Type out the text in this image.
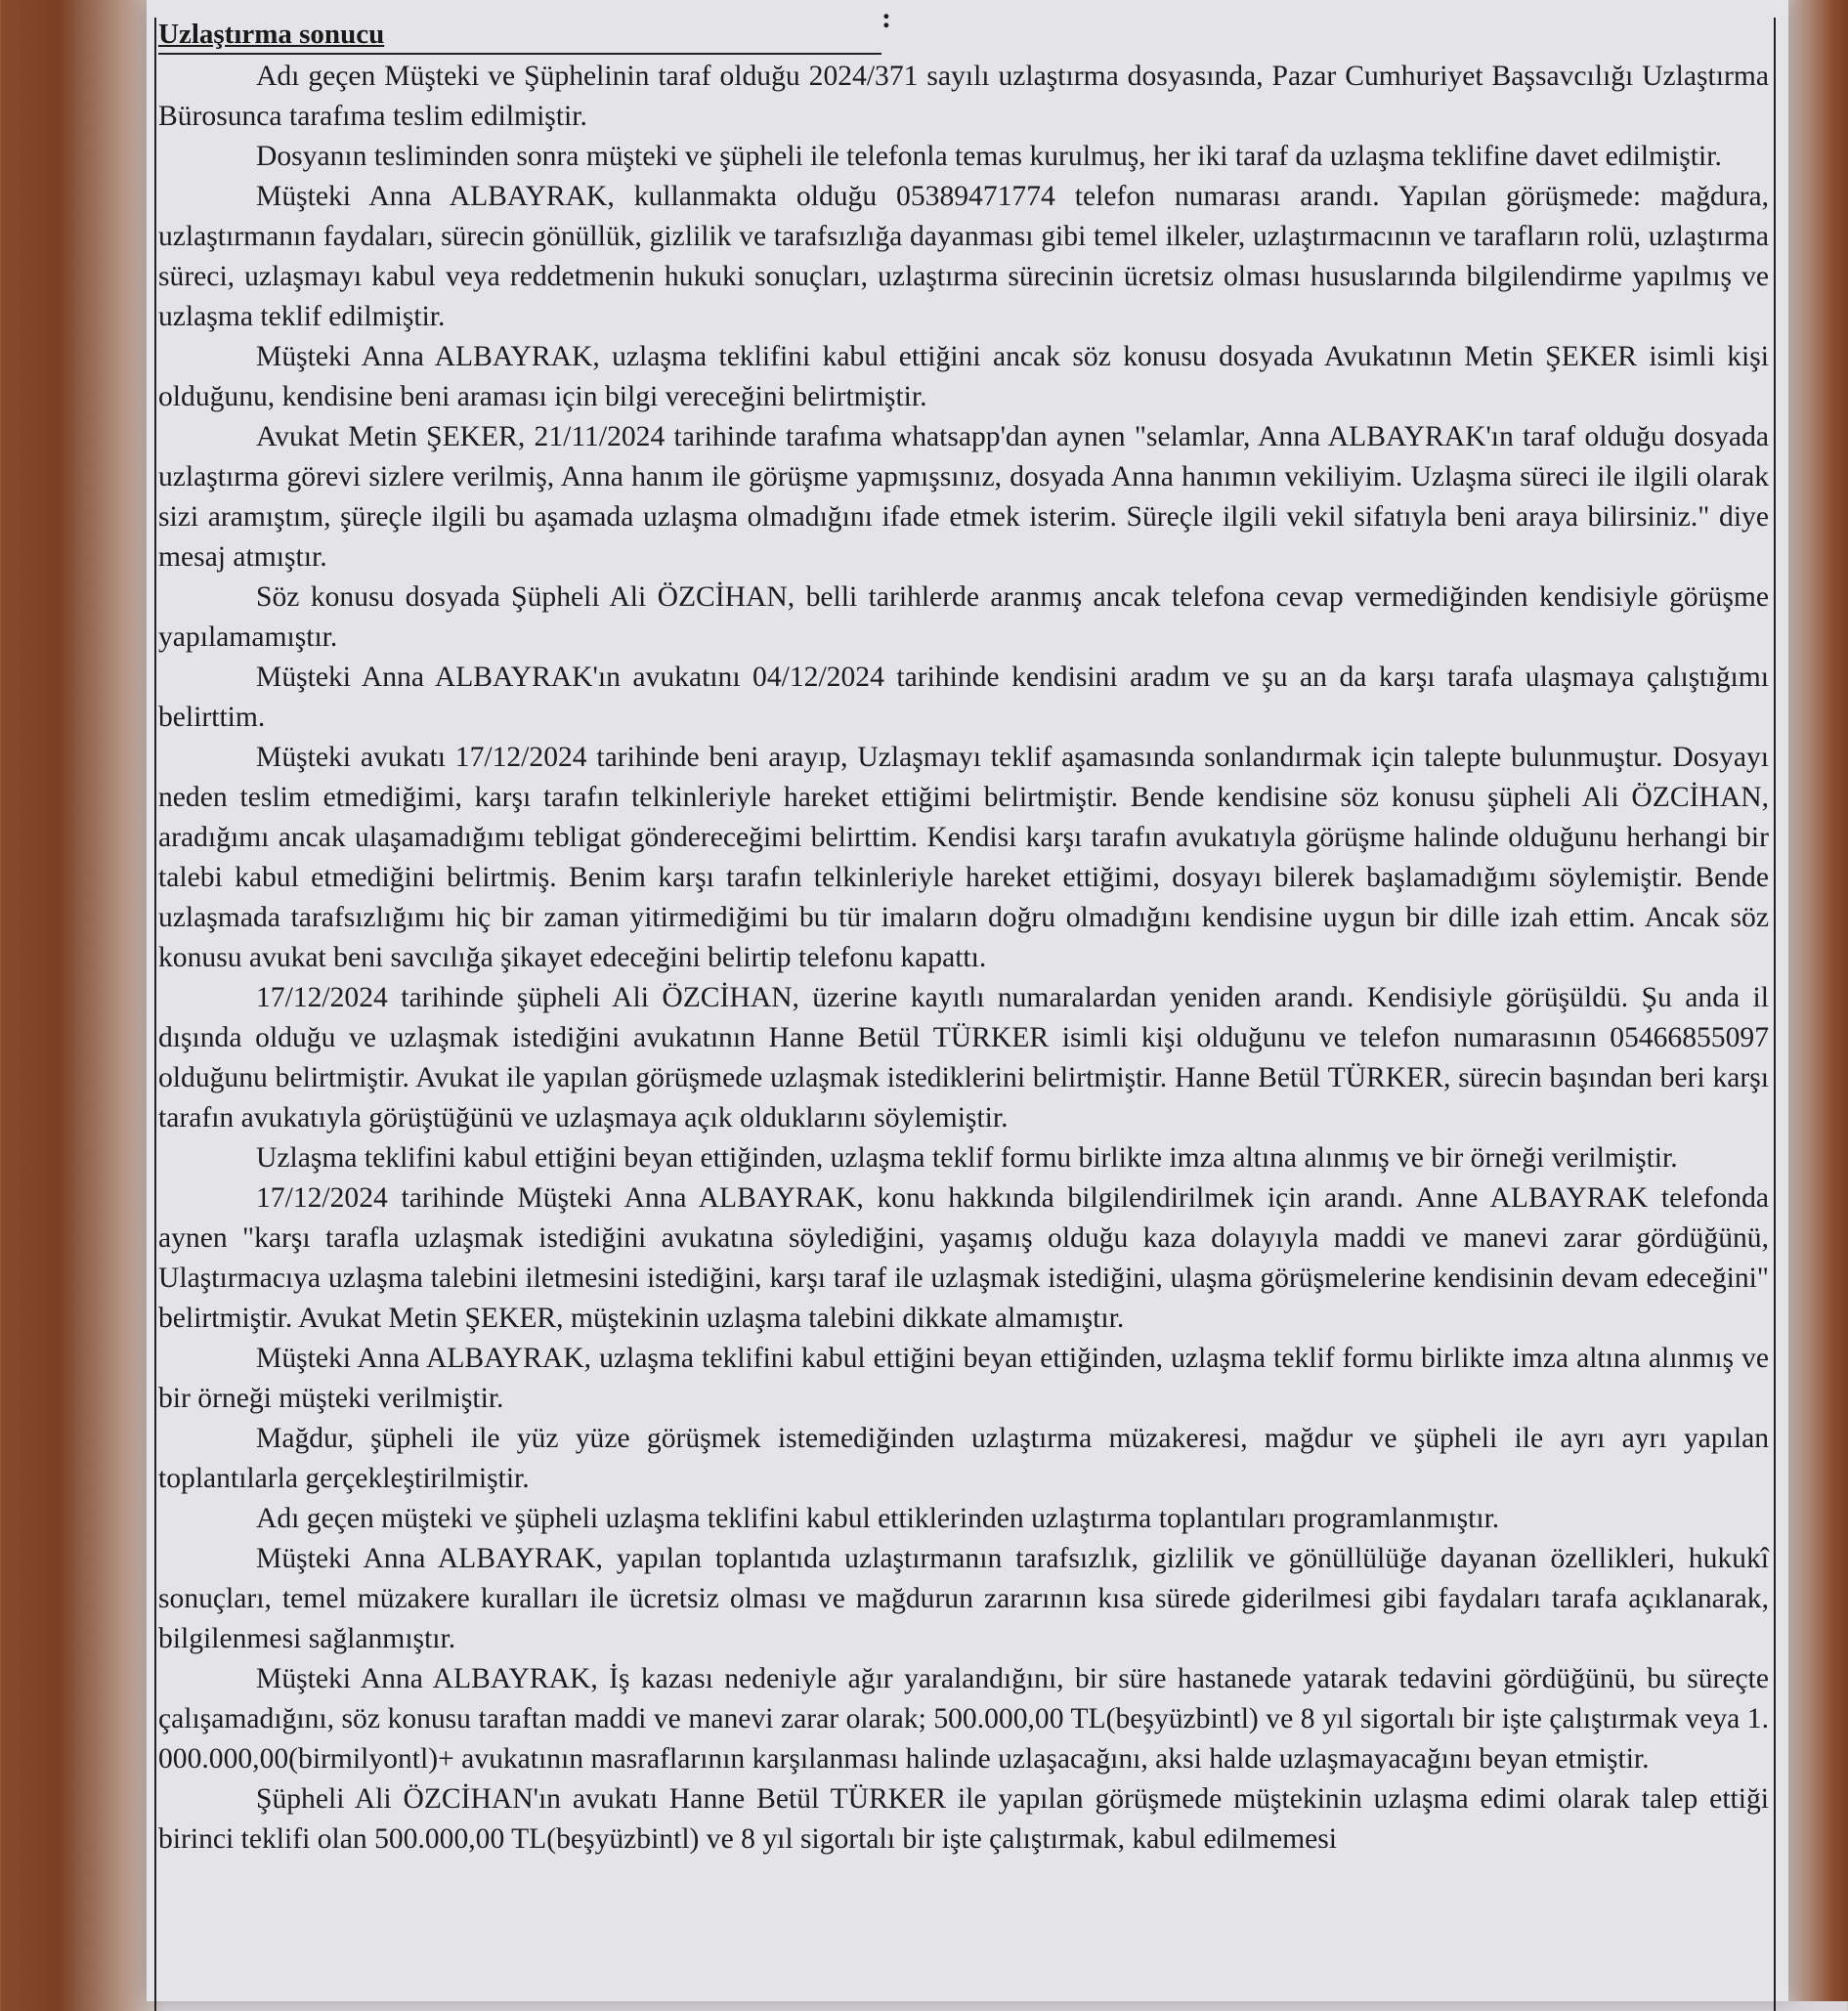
Uzlaştırma sonucu	:

Adı geçen Müşteki ve Şüphelinin taraf olduğu 2024/371 sayılı uzlaştırma dosyasında, Pazar Cumhuriyet Başsavcılığı Uzlaştırma Bürosunca tarafıma teslim edilmiştir.

Dosyanın tesliminden sonra müşteki ve şüpheli ile telefonla temas kurulmuş, her iki taraf da uzlaşma teklifine davet edilmiştir.

Müşteki Anna ALBAYRAK, kullanmakta olduğu 05389471774 telefon numarası arandı. Yapılan görüşmede: mağdura, uzlaştırmanın faydaları, sürecin gönüllük, gizlilik ve tarafsızlığa dayanması gibi temel ilkeler, uzlaştırmacının ve tarafların rolü, uzlaştırma süreci, uzlaşmayı kabul veya reddetmenin hukuki sonuçları, uzlaştırma sürecinin ücretsiz olması hususlarında bilgilendirme yapılmış ve uzlaşma teklif edilmiştir.

Müşteki Anna ALBAYRAK, uzlaşma teklifini kabul ettiğini ancak söz konusu dosyada Avukatının Metin ŞEKER isimli kişi olduğunu, kendisine beni araması için bilgi vereceğini belirtmiştir.

Avukat Metin ŞEKER, 21/11/2024 tarihinde tarafıma whatsapp'dan aynen "selamlar, Anna ALBAYRAK'ın taraf olduğu dosyada uzlaştırma görevi sizlere verilmiş, Anna hanım ile görüşme yapmışsınız, dosyada Anna hanımın vekiliyim. Uzlaşma süreci ile ilgili olarak sizi aramıştım, şüreçle ilgili bu aşamada uzlaşma olmadığını ifade etmek isterim. Süreçle ilgili vekil sifatıyla beni araya bilirsiniz." diye mesaj atmıştır.

Söz konusu dosyada Şüpheli Ali ÖZCİHAN, belli tarihlerde aranmış ancak telefona cevap vermediğinden kendisiyle görüşme yapılamamıştır.

Müşteki Anna ALBAYRAK'ın avukatını 04/12/2024 tarihinde kendisini aradım ve şu an da karşı tarafa ulaşmaya çalıştığımı belirttim.

Müşteki avukatı 17/12/2024 tarihinde beni arayıp, Uzlaşmayı teklif aşamasında sonlandırmak için talepte bulunmuştur. Dosyayı neden teslim etmediğimi, karşı tarafın telkinleriyle hareket ettiğimi belirtmiştir. Bende kendisine söz konusu şüpheli Ali ÖZCİHAN, aradığımı ancak ulaşamadığımı tebligat göndereceğimi belirttim. Kendisi karşı tarafın avukatıyla görüşme halinde olduğunu herhangi bir talebi kabul etmediğini belirtmiş. Benim karşı tarafın telkinleriyle hareket ettiğimi, dosyayı bilerek başlamadığımı söylemiştir. Bende uzlaşmada tarafsızlığımı hiç bir zaman yitirmediğimi bu tür imaların doğru olmadığını kendisine uygun bir dille izah ettim. Ancak söz konusu avukat beni savcılığa şikayet edeceğini belirtip telefonu kapattı.

17/12/2024 tarihinde şüpheli Ali ÖZCİHAN, üzerine kayıtlı numaralardan yeniden arandı. Kendisiyle görüşüldü. Şu anda il dışında olduğu ve uzlaşmak istediğini avukatının Hanne Betül TÜRKER isimli kişi olduğunu ve telefon numarasının 05466855097 olduğunu belirtmiştir. Avukat ile yapılan görüşmede uzlaşmak istediklerini belirtmiştir. Hanne Betül TÜRKER, sürecin başından beri karşı tarafın avukatıyla görüştüğünü ve uzlaşmaya açık olduklarını söylemiştir.

Uzlaşma teklifini kabul ettiğini beyan ettiğinden, uzlaşma teklif formu birlikte imza altına alınmış ve bir örneği verilmiştir.

17/12/2024 tarihinde Müşteki Anna ALBAYRAK, konu hakkında bilgilendirilmek için arandı. Anne ALBAYRAK telefonda aynen "karşı tarafla uzlaşmak istediğini avukatına söylediğini, yaşamış olduğu kaza dolayıyla maddi ve manevi zarar gördüğünü, Ulaştırmacıya uzlaşma talebini iletmesini istediğini, karşı taraf ile uzlaşmak istediğini, ulaşma görüşmelerine kendisinin devam edeceğini" belirtmiştir. Avukat Metin ŞEKER, müştekinin uzlaşma talebini dikkate almamıştır.

Müşteki Anna ALBAYRAK, uzlaşma teklifini kabul ettiğini beyan ettiğinden, uzlaşma teklif formu birlikte imza altına alınmış ve bir örneği müşteki verilmiştir.

Mağdur, şüpheli ile yüz yüze görüşmek istemediğinden uzlaştırma müzakeresi, mağdur ve şüpheli ile ayrı ayrı yapılan toplantılarla gerçekleştirilmiştir.

Adı geçen müşteki ve şüpheli uzlaşma teklifini kabul ettiklerinden uzlaştırma toplantıları programlanmıştır.

Müşteki Anna ALBAYRAK, yapılan toplantıda uzlaştırmanın tarafsızlık, gizlilik ve gönüllülüğe dayanan özellikleri, hukukî sonuçları, temel müzakere kuralları ile ücretsiz olması ve mağdurun zararının kısa sürede giderilmesi gibi faydaları tarafa açıklanarak, bilgilenmesi sağlanmıştır.

Müşteki Anna ALBAYRAK, İş kazası nedeniyle ağır yaralandığını, bir süre hastanede yatarak tedavini gördüğünü, bu süreçte çalışamadığını, söz konusu taraftan maddi ve manevi zarar olarak; 500.000,00 TL(beşyüzbintl) ve 8 yıl sigortalı bir işte çalıştırmak veya 1. 000.000,00(birmilyontl)+ avukatının masraflarının karşılanması halinde uzlaşacağını, aksi halde uzlaşmayacağını beyan etmiştir.

Şüpheli Ali ÖZCİHAN'ın avukatı Hanne Betül TÜRKER ile yapılan görüşmede müştekinin uzlaşma edimi olarak talep ettiği birinci teklifi olan 500.000,00 TL(beşyüzbintl) ve 8 yıl sigortalı bir işte çalıştırmak, kabul edilmemesi
